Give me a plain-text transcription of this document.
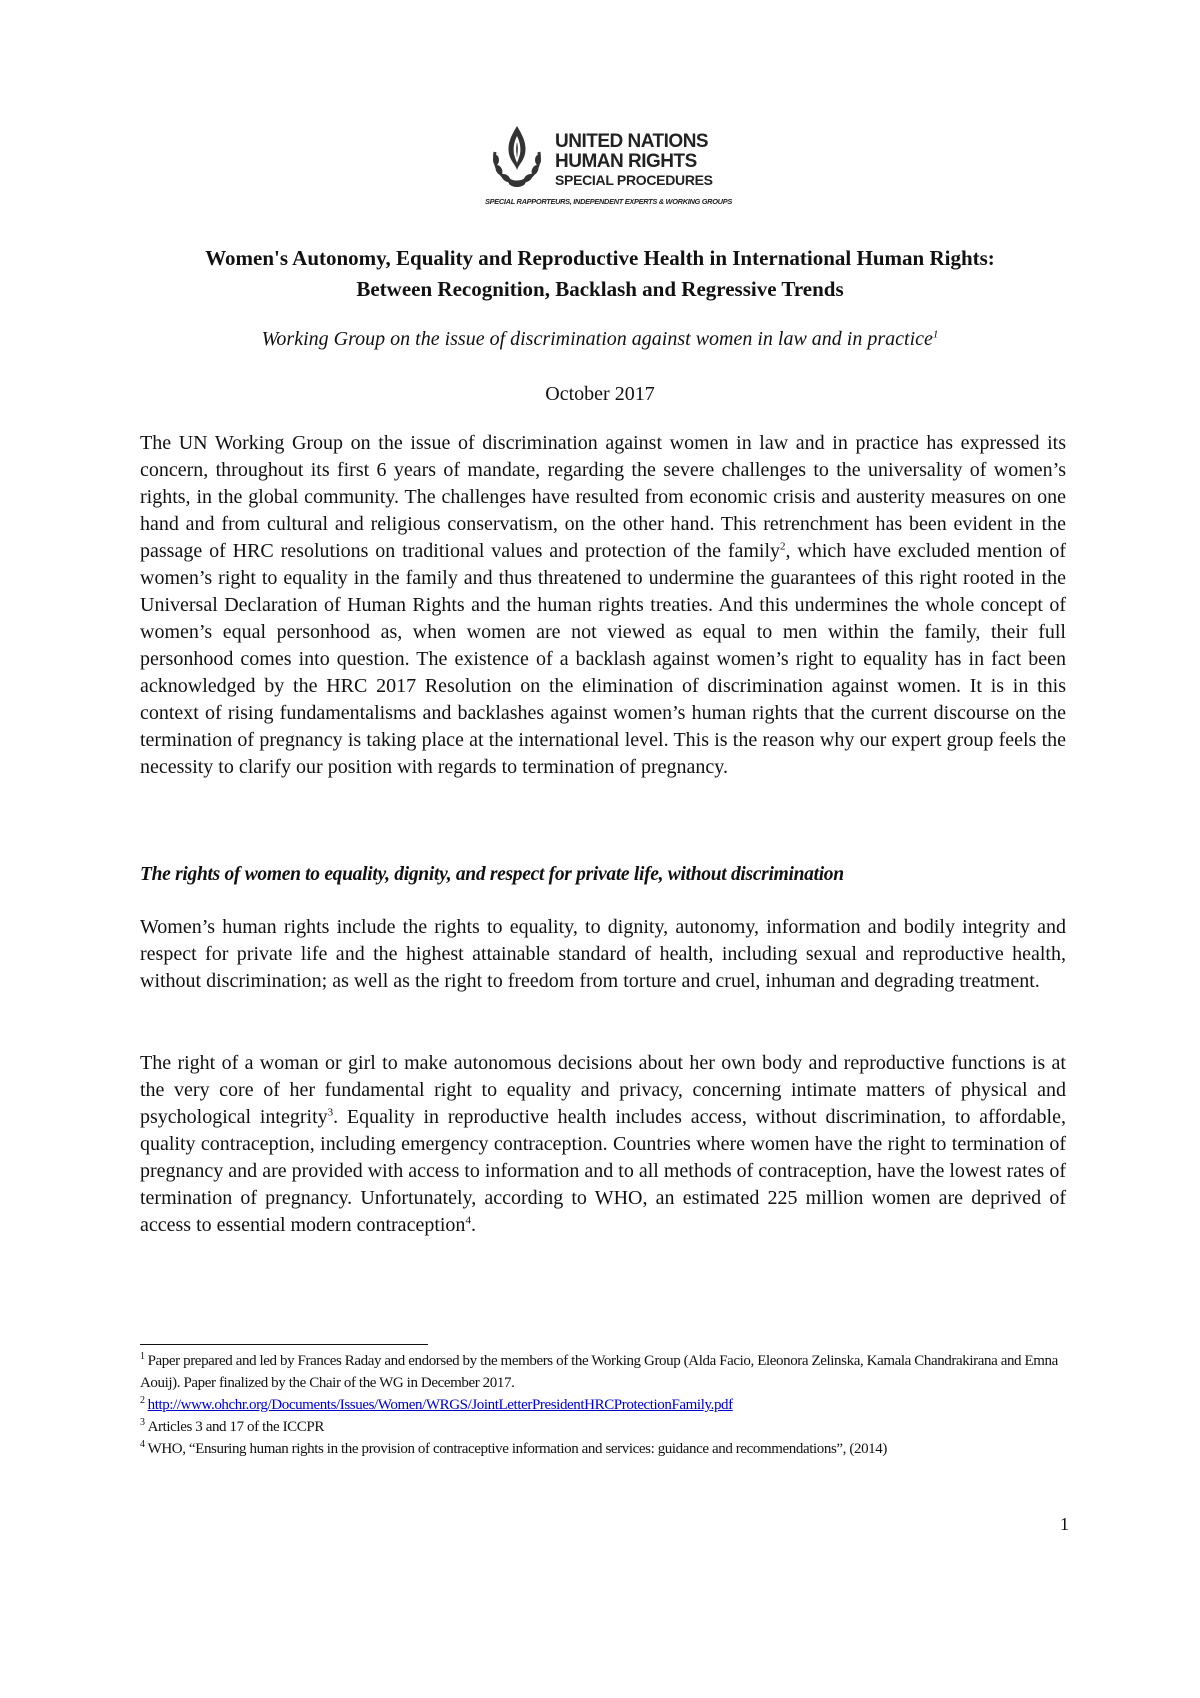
UNITED NATIONS
HUMAN RIGHTS
SPECIAL PROCEDURES
SPECIAL RAPPORTEURS, INDEPENDENT EXPERTS & WORKING GROUPS
Women's Autonomy, Equality and Reproductive Health in International Human Rights:
Between Recognition, Backlash and Regressive Trends
Working Group on the issue of discrimination against women in law and in practice$^1$
October 2017

The UN Working Group on the issue of discrimination against women in law and in practice has expressed its concern, throughout its first 6 years of mandate, regarding the severe challenges to the universality of women’s rights, in the global community. The challenges have resulted from economic crisis and austerity measures on one hand and from cultural and religious conservatism, on the other hand. This retrenchment has been evident in the passage of HRC resolutions on traditional values and protection of the family$^2$, which have excluded mention of women’s right to equality in the family and thus threatened to undermine the guarantees of this right rooted in the Universal Declaration of Human Rights and the human rights treaties. And this undermines the whole concept of women’s equal personhood as, when women are not viewed as equal to men within the family, their full personhood comes into question. The existence of a backlash against women’s right to equality has in fact been acknowledged by the HRC 2017 Resolution on the elimination of discrimination against women. It is in this context of rising fundamentalisms and backlashes against women’s human rights that the current discourse on the termination of pregnancy is taking place at the international level. This is the reason why our expert group feels the necessity to clarify our position with regards to termination of pregnancy.

The rights of women to equality, dignity, and respect for private life, without discrimination

Women’s human rights include the rights to equality, to dignity, autonomy, information and bodily integrity and respect for private life and the highest attainable standard of health, including sexual and reproductive health, without discrimination; as well as the right to freedom from torture and cruel, inhuman and degrading treatment.

The right of a woman or girl to make autonomous decisions about her own body and reproductive functions is at the very core of her fundamental right to equality and privacy, concerning intimate matters of physical and psychological integrity$^3$. Equality in reproductive health includes access, without discrimination, to affordable, quality contraception, including emergency contraception. Countries where women have the right to termination of pregnancy and are provided with access to information and to all methods of contraception, have the lowest rates of termination of pregnancy. Unfortunately, according to WHO, an estimated 225 million women are deprived of access to essential modern contraception$^4$.

$^1$ Paper prepared and led by Frances Raday and endorsed by the members of the Working Group (Alda Facio, Eleonora Zelinska, Kamala Chandrakirana and Emna Aouij). Paper finalized by the Chair of the WG in December 2017.

$^2$ http://www.ohchr.org/Documents/Issues/Women/WRGS/JointLetterPresidentHRCProtectionFamily.pdf

$^3$ Articles 3 and 17 of the ICCPR

$^4$ WHO, “Ensuring human rights in the provision of contraceptive information and services: guidance and recommendations”, (2014)

1
